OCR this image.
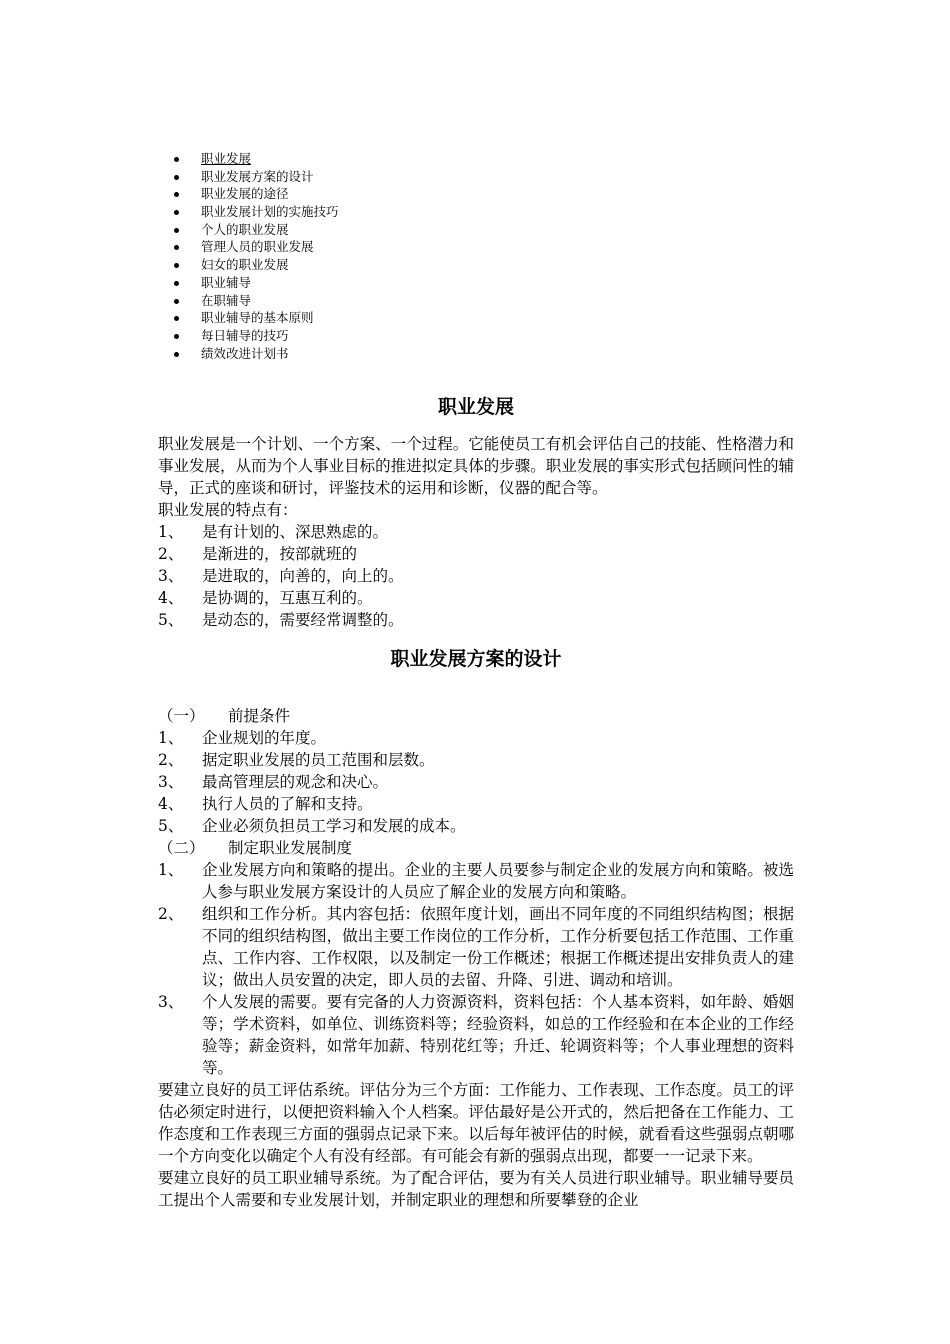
职业发展
职业发展方案的设计
职业发展的途径
职业发展计划的实施技巧
个人的职业发展
管理人员的职业发展
妇女的职业发展
职业辅导
在职辅导
职业辅导的基本原则
每日辅导的技巧
绩效改进计划书
职业发展

职业发展是一个计划、一个方案、一个过程。它能使员工有机会评估自己的技能、性格潜力和事业发展，从而为个人事业目标的推进拟定具体的步骤。职业发展的事实形式包括顾问性的辅导，正式的座谈和研讨，评鉴技术的运用和诊断，仪器的配合等。

职业发展的特点有：

1、	是有计划的、深思熟虑的。
2、	是渐进的，按部就班的
3、	是进取的，向善的，向上的。
4、	是协调的，互惠互利的。
5、	是动态的，需要经常调整的。
职业发展方案的设计

（一） 前提条件

1、	企业规划的年度。
2、	据定职业发展的员工范围和层数。
3、	最高管理层的观念和决心。
4、	执行人员的了解和支持。
5、	企业必须负担员工学习和发展的成本。

（二） 制定职业发展制度

1、	企业发展方向和策略的提出。企业的主要人员要参与制定企业的发展方向和策略。被选人参与职业发展方案设计的人员应了解企业的发展方向和策略。
2、	组织和工作分析。其内容包括：依照年度计划，画出不同年度的不同组织结构图；根据不同的组织结构图，做出主要工作岗位的工作分析，工作分析要包括工作范围、工作重点、工作内容、工作权限，以及制定一份工作概述；根据工作概述提出安排负责人的建议；做出人员安置的决定，即人员的去留、升降、引进、调动和培训。
3、	个人发展的需要。要有完备的人力资源资料，资料包括：个人基本资料，如年龄、婚姻等；学术资料，如单位、训练资料等；经验资料，如总的工作经验和在本企业的工作经验等；薪金资料，如常年加薪、特别花红等；升迁、轮调资料等；个人事业理想的资料等。

要建立良好的员工评估系统。评估分为三个方面：工作能力、工作表现、工作态度。员工的评估必须定时进行，以便把资料输入个人档案。评估最好是公开式的，然后把备在工作能力、工作态度和工作表现三方面的强弱点记录下来。以后每年被评估的时候，就看看这些强弱点朝哪一个方向变化以确定个人有没有经部。有可能会有新的强弱点出现，都要一一记录下来。

要建立良好的员工职业辅导系统。为了配合评估，要为有关人员进行职业辅导。职业辅导要员工提出个人需要和专业发展计划，并制定职业的理想和所要攀登的企业
